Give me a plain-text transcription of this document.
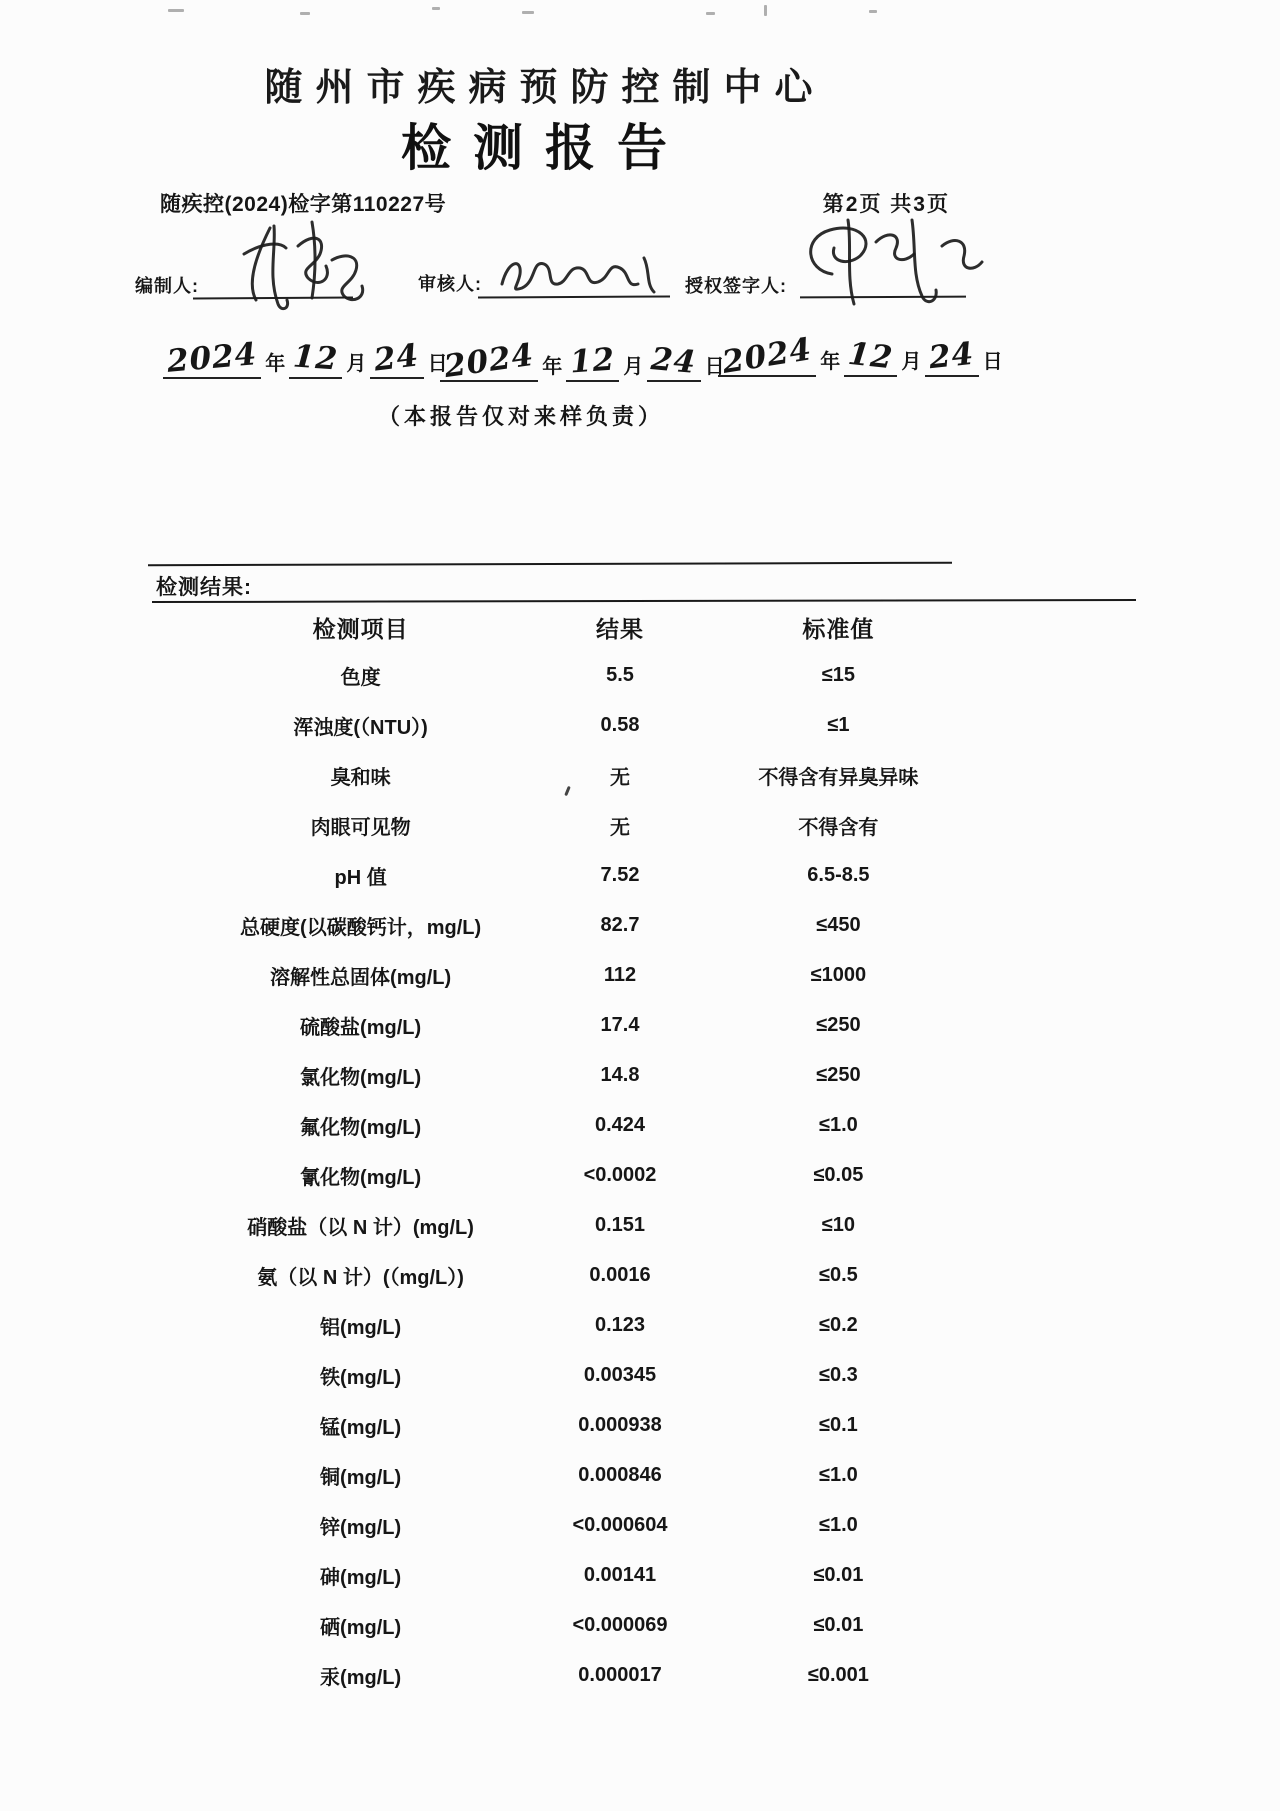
随州市疾病预防控制中心
检测报告
随疾控(2024)检字第110227号	第2页 共3页
编制人:	审核人:	授权签字人:
2024 年 12 月 24 日
2024 年 12 月 24 日
2024 年 12 月 24 日
（本报告仅对来样负责）
检测结果:
检测项目	结果	标准值
色度	5.5	≤15
浑浊度(（NTU）)	0.58	≤1
臭和味	无	不得含有异臭异味
肉眼可见物	无	不得含有
pH 值	7.52	6.5-8.5
总硬度(以碳酸钙计，mg/L)	82.7	≤450
溶解性总固体(mg/L)	112	≤1000
硫酸盐(mg/L)	17.4	≤250
氯化物(mg/L)	14.8	≤250
氟化物(mg/L)	0.424	≤1.0
氰化物(mg/L)	<0.0002	≤0.05
硝酸盐（以 N 计）(mg/L)	0.151	≤10
氨（以 N 计）(（mg/L）)	0.0016	≤0.5
铝(mg/L)	0.123	≤0.2
铁(mg/L)	0.00345	≤0.3
锰(mg/L)	0.000938	≤0.1
铜(mg/L)	0.000846	≤1.0
锌(mg/L)	<0.000604	≤1.0
砷(mg/L)	0.00141	≤0.01
硒(mg/L)	<0.000069	≤0.01
汞(mg/L)	0.000017	≤0.001
